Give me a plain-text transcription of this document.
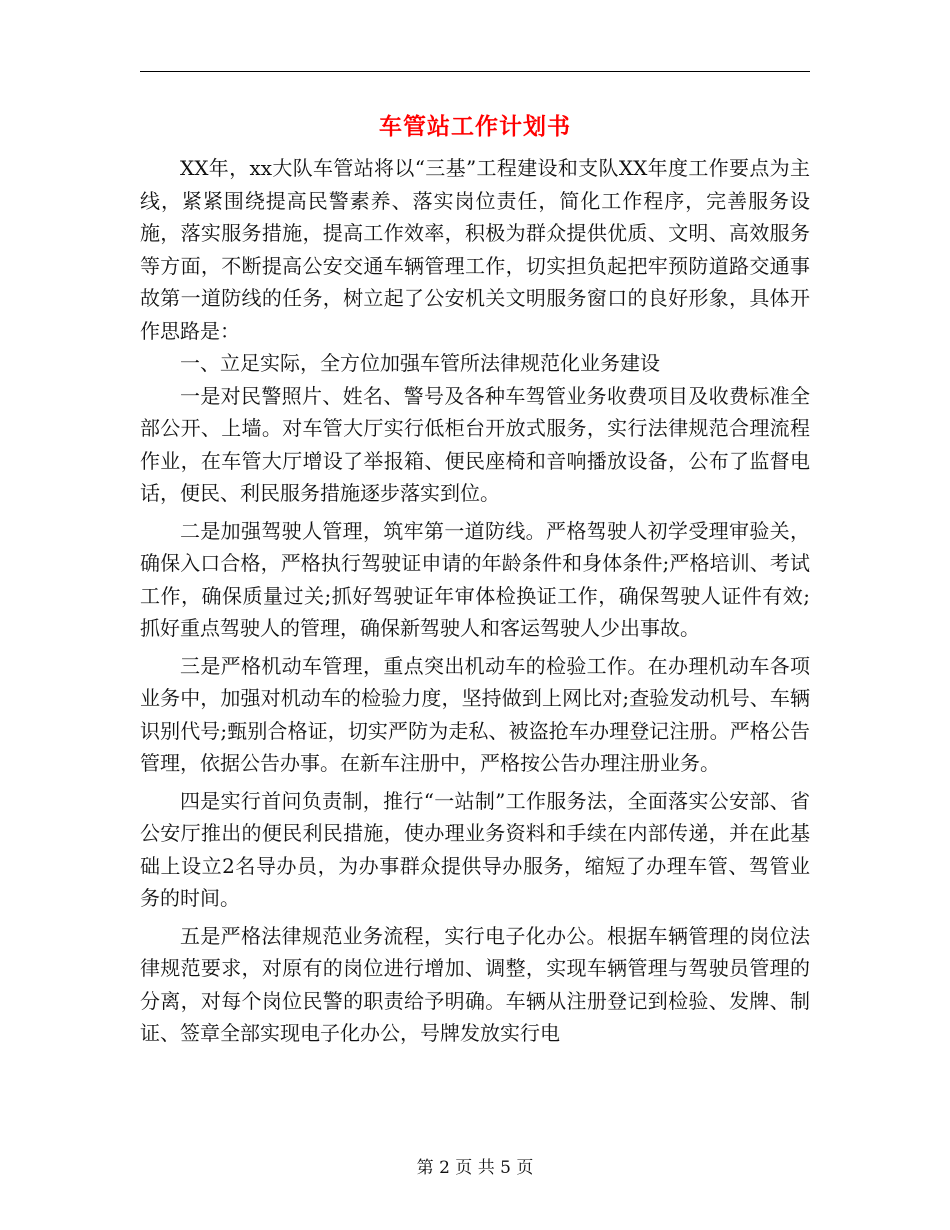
车管站工作计划书

XX年，xx大队车管站将以“三基”工程建设和支队XX年度工作要点为主线，紧紧围绕提高民警素养、落实岗位责任，简化工作程序，完善服务设施，落实服务措施，提高工作效率，积极为群众提供优质、文明、高效服务等方面，不断提高公安交通车辆管理工作，切实担负起把牢预防道路交通事故第一道防线的任务，树立起了公安机关文明服务窗口的良好形象，具体开作思路是：

一、立足实际，全方位加强车管所法律规范化业务建设

一是对民警照片、姓名、警号及各种车驾管业务收费项目及收费标准全部公开、上墙。对车管大厅实行低柜台开放式服务，实行法律规范合理流程作业，在车管大厅增设了举报箱、便民座椅和音响播放设备，公布了监督电话，便民、利民服务措施逐步落实到位。

二是加强驾驶人管理，筑牢第一道防线。严格驾驶人初学受理审验关，确保入口合格，严格执行驾驶证申请的年龄条件和身体条件;严格培训、考试工作，确保质量过关;抓好驾驶证年审体检换证工作，确保驾驶人证件有效;抓好重点驾驶人的管理，确保新驾驶人和客运驾驶人少出事故。

三是严格机动车管理，重点突出机动车的检验工作。在办理机动车各项业务中，加强对机动车的检验力度，坚持做到上网比对;查验发动机号、车辆识别代号;甄别合格证，切实严防为走私、被盗抢车办理登记注册。严格公告管理，依据公告办事。在新车注册中，严格按公告办理注册业务。

四是实行首问负责制，推行“一站制”工作服务法，全面落实公安部、省公安厅推出的便民利民措施，使办理业务资料和手续在内部传递，并在此基础上设立2名导办员，为办事群众提供导办服务，缩短了办理车管、驾管业务的时间。

五是严格法律规范业务流程，实行电子化办公。根据车辆管理的岗位法律规范要求，对原有的岗位进行增加、调整，实现车辆管理与驾驶员管理的分离，对每个岗位民警的职责给予明确。车辆从注册登记到检验、发牌、制证、签章全部实现电子化办公，号牌发放实行电

第 2 页 共 5 页
